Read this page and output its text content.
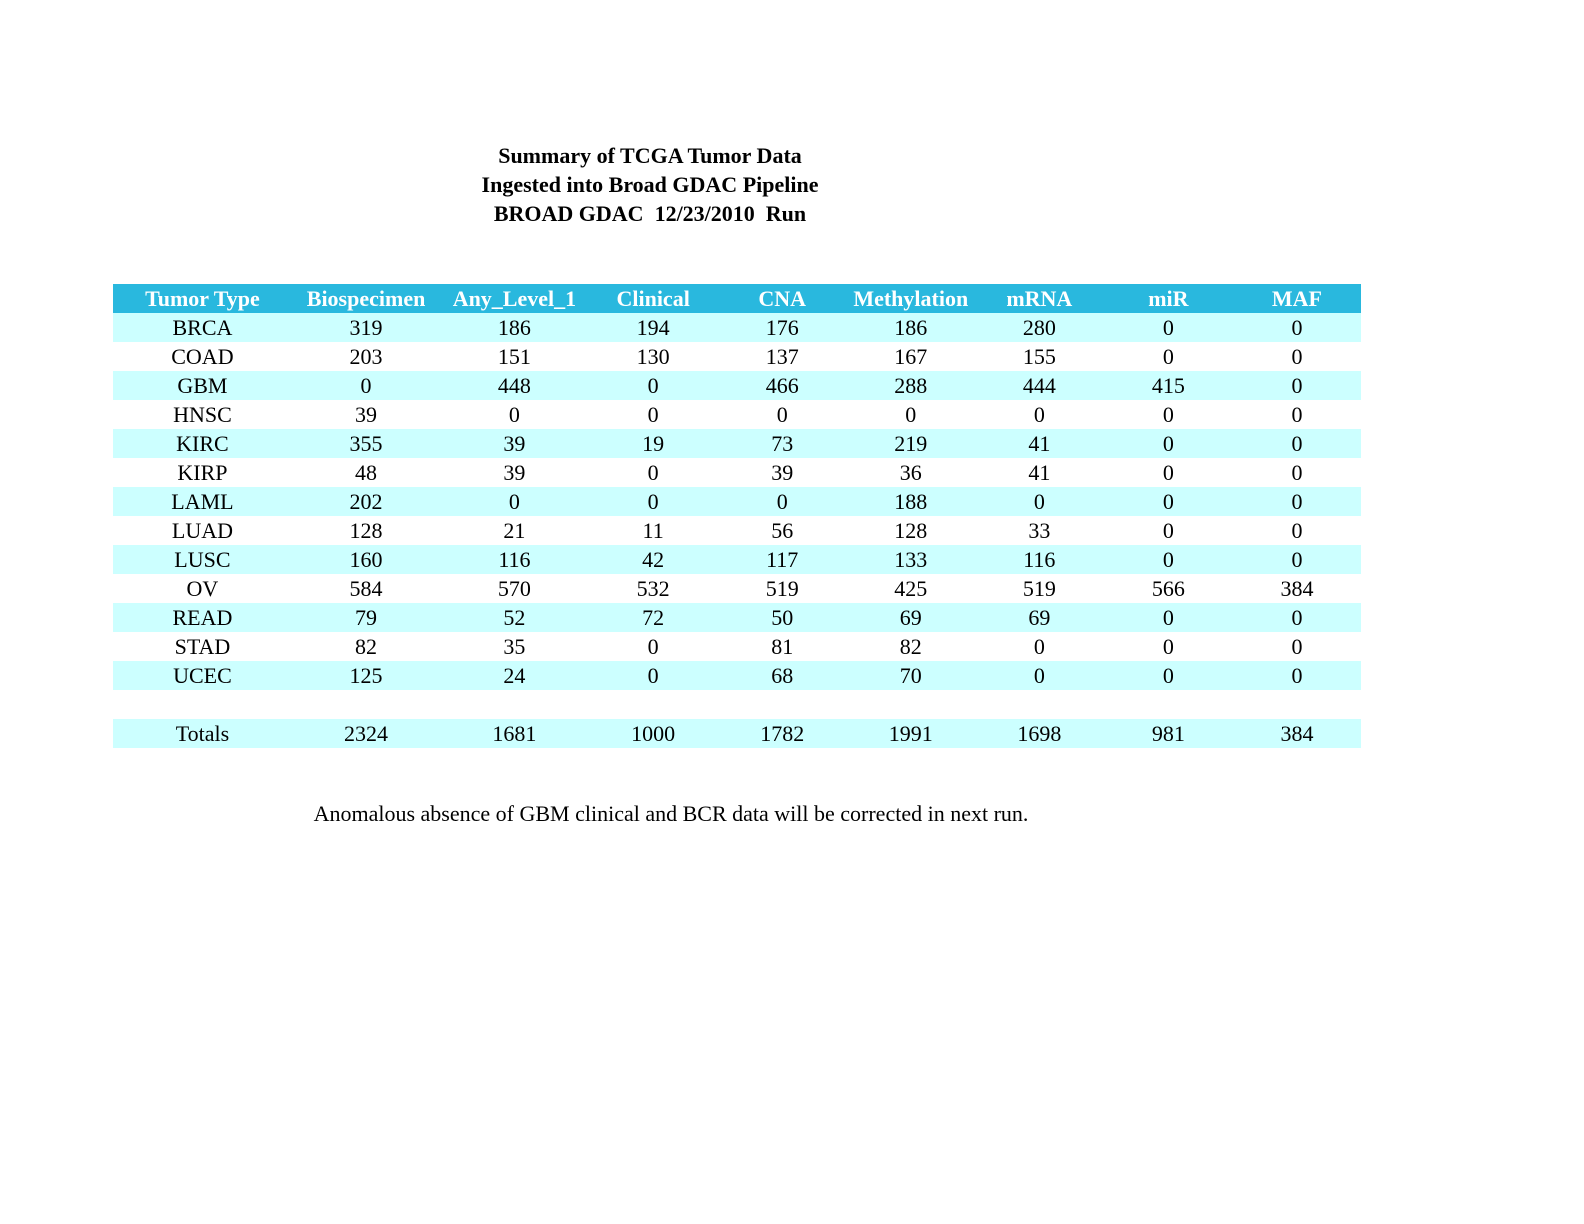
Summary of TCGA Tumor Data
Ingested into Broad GDAC Pipeline
BROAD GDAC  12/23/2010  Run
Tumor Type	Biospecimen	Any_Level_1	Clinical	CNA	Methylation	mRNA	miR	MAF
BRCA	319	186	194	176	186	280	0	0
COAD	203	151	130	137	167	155	0	0
GBM	0	448	0	466	288	444	415	0
HNSC	39	0	0	0	0	0	0	0
KIRC	355	39	19	73	219	41	0	0
KIRP	48	39	0	39	36	41	0	0
LAML	202	0	0	0	188	0	0	0
LUAD	128	21	11	56	128	33	0	0
LUSC	160	116	42	117	133	116	0	0
OV	584	570	532	519	425	519	566	384
READ	79	52	72	50	69	69	0	0
STAD	82	35	0	81	82	0	0	0
UCEC	125	24	0	68	70	0	0	0

Totals	2324	1681	1000	1782	1991	1698	981	384
Anomalous absence of GBM clinical and BCR data will be corrected in next run.
